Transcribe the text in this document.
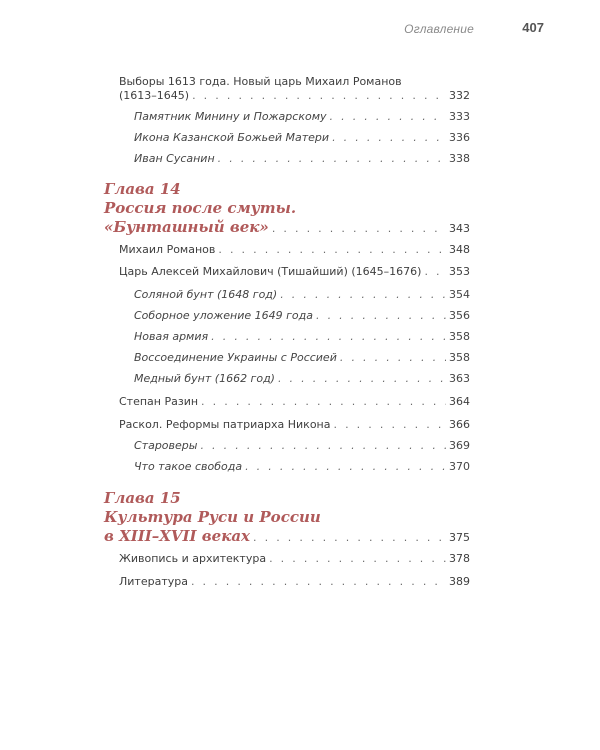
Оглавление	407
Выборы 1613 года. Новый царь Михаил Романов
(1613–1645) . . .	332
Памятник Минину и Пожарскому . . .	333
Икона Казанской Божьей Матери . . .	336
Иван Сусанин . . .	338
Глава 14
Россия после смуты.
«Бунташный век» . . .	343
Михаил Романов . . .	348
Царь Алексей Михайлович (Тишайший) (1645–1676) . . .	353
Соляной бунт (1648 год) . . .	354
Соборное уложение 1649 года . . .	356
Новая армия . . .	358
Воссоединение Украины с Россией . . .	358
Медный бунт (1662 год) . . .	363
Степан Разин . . .	364
Раскол. Реформы патриарха Никона . . .	366
Староверы . . .	369
Что такое свобода . . .	370
Глава 15
Культура Руси и России
в XIII–XVII веках . . .	375
Живопись и архитектура . . .	378
Литература . . .	389
